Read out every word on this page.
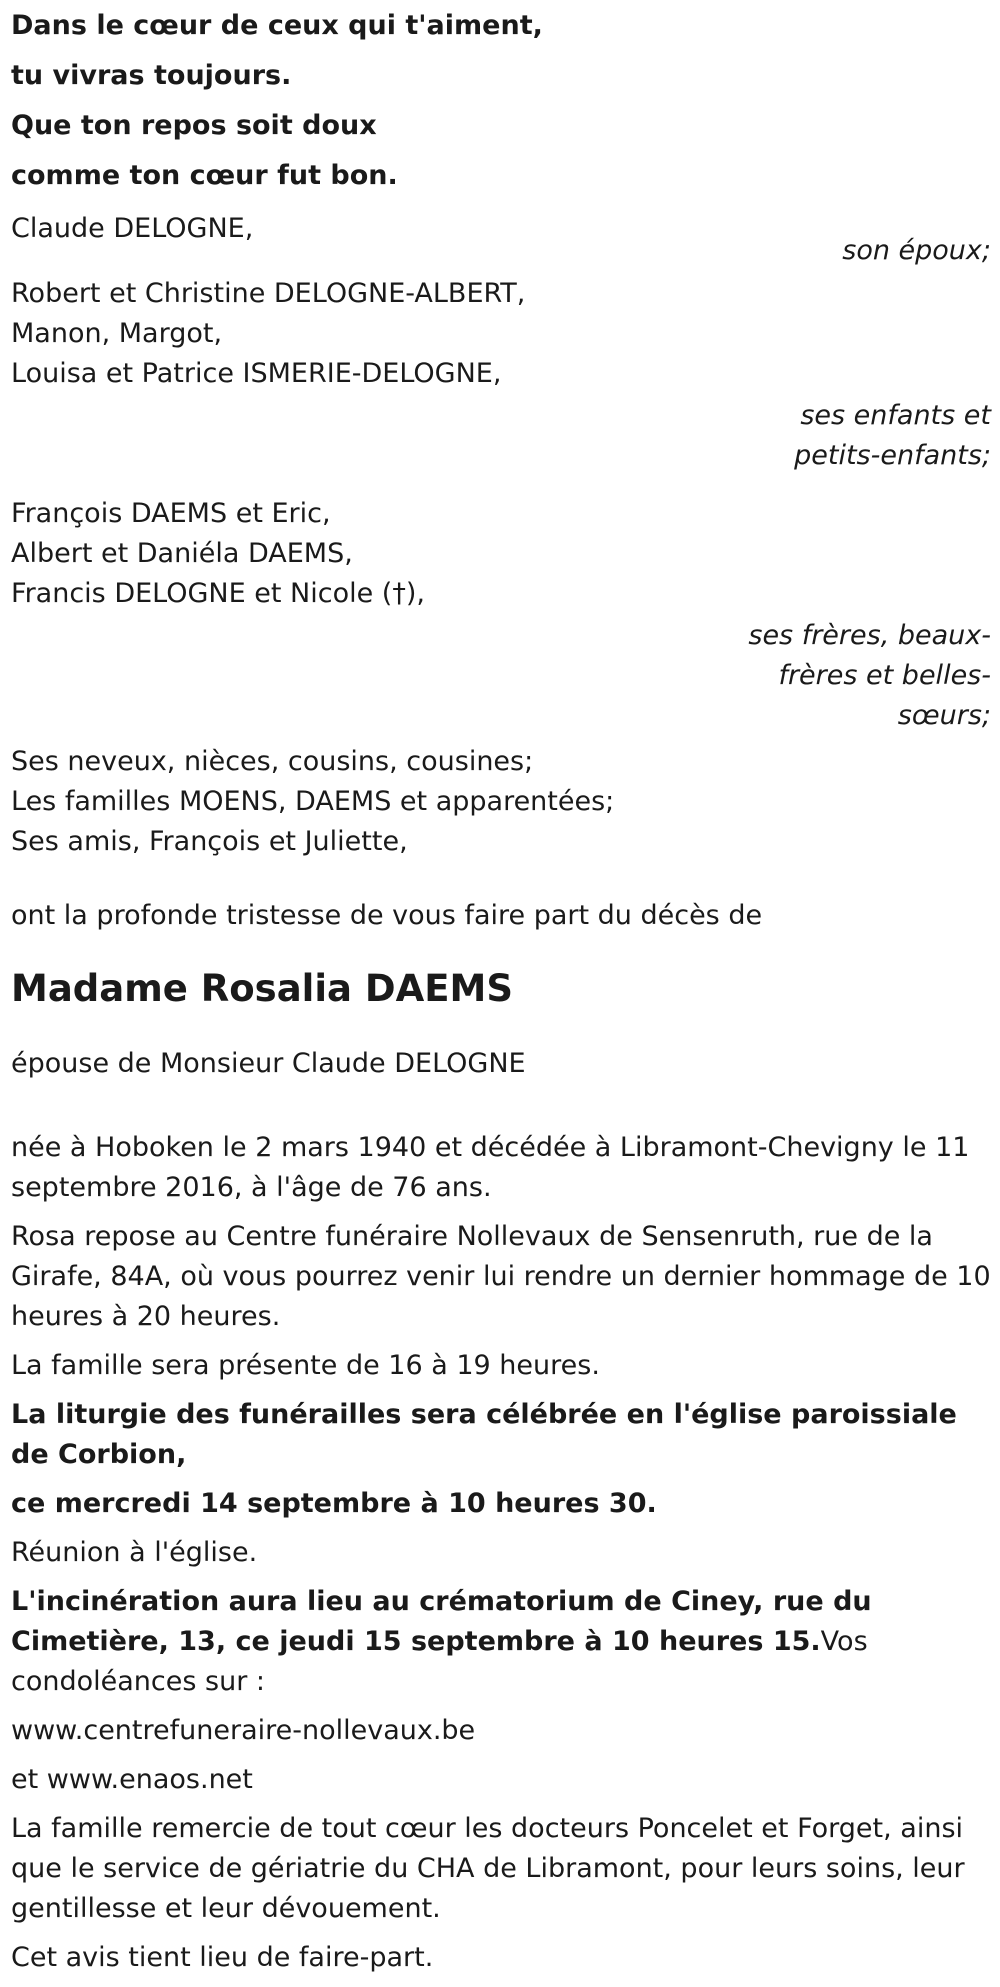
Dans le cœur de ceux qui t'aiment,
tu vivras toujours.
Que ton repos soit doux
comme ton cœur fut bon.
Claude DELOGNE,
son époux;
Robert et Christine DELOGNE-ALBERT,
Manon, Margot,
Louisa et Patrice ISMERIE-DELOGNE,
ses enfants et
petits-enfants;
François DAEMS et Eric,
Albert et Daniéla DAEMS,
Francis DELOGNE et Nicole (†),
ses frères, beaux-
frères et belles-
sœurs;
Ses neveux, nièces, cousins, cousines;
Les familles MOENS, DAEMS et apparentées;
Ses amis, François et Juliette,
ont la profonde tristesse de vous faire part du décès de
Madame Rosalia DAEMS
épouse de Monsieur Claude DELOGNE
née à Hoboken le 2 mars 1940 et décédée à Libramont-Chevigny le 11 septembre 2016, à l'âge de 76 ans.
Rosa repose au Centre funéraire Nollevaux de Sensenruth, rue de la Girafe, 84A, où vous pourrez venir lui rendre un dernier hommage de 10 heures à 20 heures.
La famille sera présente de 16 à 19 heures.
La liturgie des funérailles sera célébrée en l'église paroissiale de Corbion,
ce mercredi 14 septembre à 10 heures 30.
Réunion à l'église.
L'incinération aura lieu au crématorium de Ciney, rue du Cimetière, 13, ce jeudi 15 septembre à 10 heures 15.Vos condoléances sur :
www.centrefuneraire-nollevaux.be
et www.enaos.net
La famille remercie de tout cœur les docteurs Poncelet et Forget, ainsi que le service de gériatrie du CHA de Libramont, pour leurs soins, leur gentillesse et leur dévouement.
Cet avis tient lieu de faire-part.
